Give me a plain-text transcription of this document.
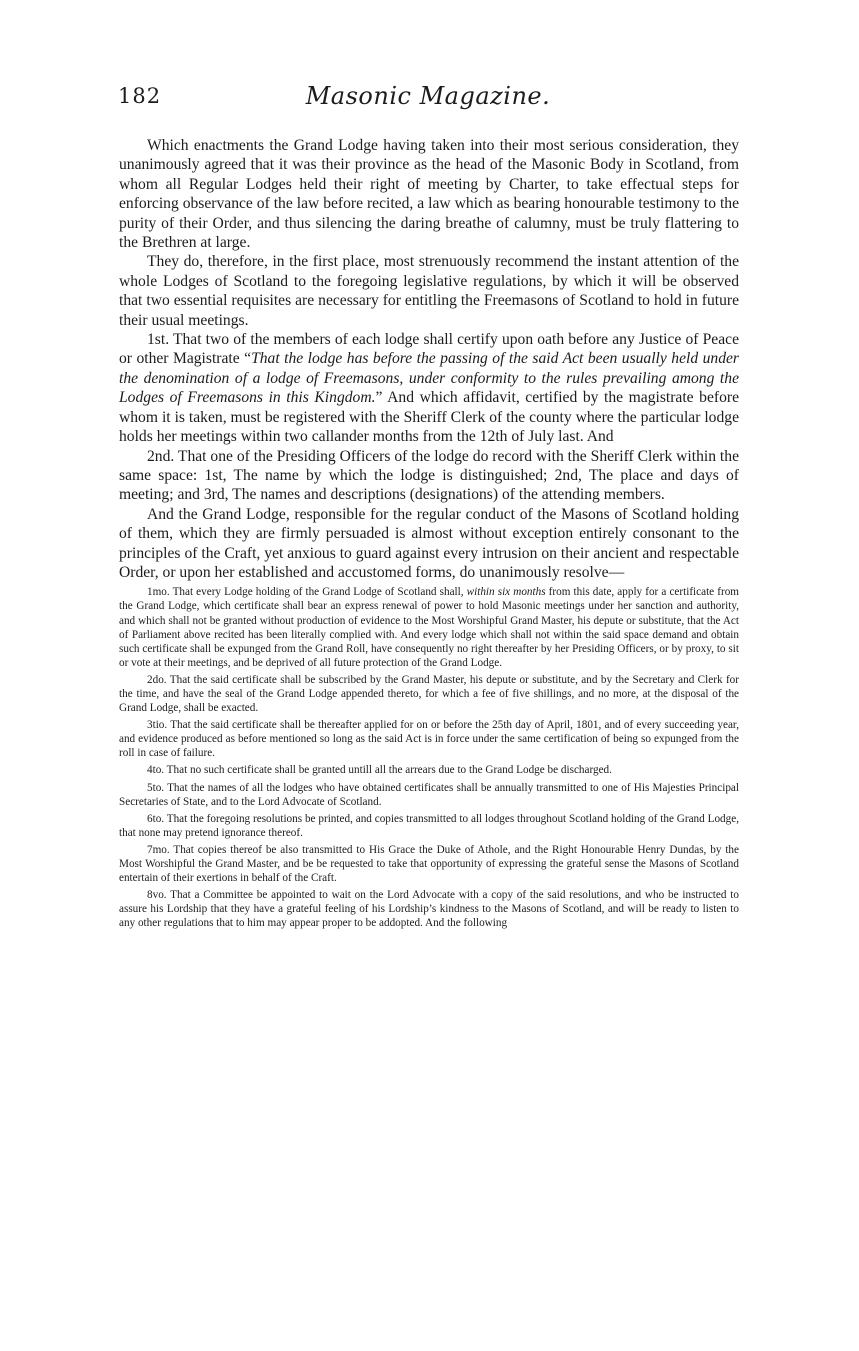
182	Masonic Magazine.

Which enactments the Grand Lodge having taken into their most serious consideration, they unanimously agreed that it was their province as the head of the Masonic Body in Scotland, from whom all Regular Lodges held their right of meeting by Charter, to take effectual steps for enforcing observance of the law before recited, a law which as bearing honourable testimony to the purity of their Order, and thus silencing the daring breathe of calumny, must be truly flattering to the Brethren at large.

They do, therefore, in the first place, most strenuously recommend the instant attention of the whole Lodges of Scotland to the foregoing legislative regulations, by which it will be observed that two essential requisites are necessary for entitling the Freemasons of Scotland to hold in future their usual meetings.

1st. That two of the members of each lodge shall certify upon oath before any Justice of Peace or other Magistrate “That the lodge has before the passing of the said Act been usually held under the denomination of a lodge of Freemasons, under conformity to the rules prevailing among the Lodges of Freemasons in this Kingdom.” And which affidavit, certified by the magistrate before whom it is taken, must be registered with the Sheriff Clerk of the county where the particular lodge holds her meetings within two callander months from the 12th of July last. And

2nd. That one of the Presiding Officers of the lodge do record with the Sheriff Clerk within the same space: 1st, The name by which the lodge is distinguished; 2nd, The place and days of meeting; and 3rd, The names and descriptions (designations) of the attending members.

And the Grand Lodge, responsible for the regular conduct of the Masons of Scotland holding of them, which they are firmly persuaded is almost without exception entirely consonant to the principles of the Craft, yet anxious to guard against every intrusion on their ancient and respectable Order, or upon her established and accustomed forms, do unanimously resolve—

1mo. That every Lodge holding of the Grand Lodge of Scotland shall, within six months from this date, apply for a certificate from the Grand Lodge, which certificate shall bear an express renewal of power to hold Masonic meetings under her sanction and authority, and which shall not be granted without production of evidence to the Most Worshipful Grand Master, his depute or substitute, that the Act of Parliament above recited has been literally complied with. And every lodge which shall not within the said space demand and obtain such certificate shall be expunged from the Grand Roll, have consequently no right thereafter by her Presiding Officers, or by proxy, to sit or vote at their meetings, and be deprived of all future protection of the Grand Lodge.

2do. That the said certificate shall be subscribed by the Grand Master, his depute or substitute, and by the Secretary and Clerk for the time, and have the seal of the Grand Lodge appended thereto, for which a fee of five shillings, and no more, at the disposal of the Grand Lodge, shall be exacted.

3tio. That the said certificate shall be thereafter applied for on or before the 25th day of April, 1801, and of every succeeding year, and evidence produced as before mentioned so long as the said Act is in force under the same certification of being so expunged from the roll in case of failure.

4to. That no such certificate shall be granted untill all the arrears due to the Grand Lodge be discharged.

5to. That the names of all the lodges who have obtained certificates shall be annually transmitted to one of His Majesties Principal Secretaries of State, and to the Lord Advocate of Scotland.

6to. That the foregoing resolutions be printed, and copies transmitted to all lodges throughout Scotland holding of the Grand Lodge, that none may pretend ignorance thereof.

7mo. That copies thereof be also transmitted to His Grace the Duke of Athole, and the Right Honourable Henry Dundas, by the Most Worshipful the Grand Master, and be be requested to take that opportunity of expressing the grateful sense the Masons of Scotland entertain of their exertions in behalf of the Craft.

8vo. That a Committee be appointed to wait on the Lord Advocate with a copy of the said resolutions, and who be instructed to assure his Lordship that they have a grateful feeling of his Lordship’s kindness to the Masons of Scotland, and will be ready to listen to any other regulations that to him may appear proper to be addopted. And the following
